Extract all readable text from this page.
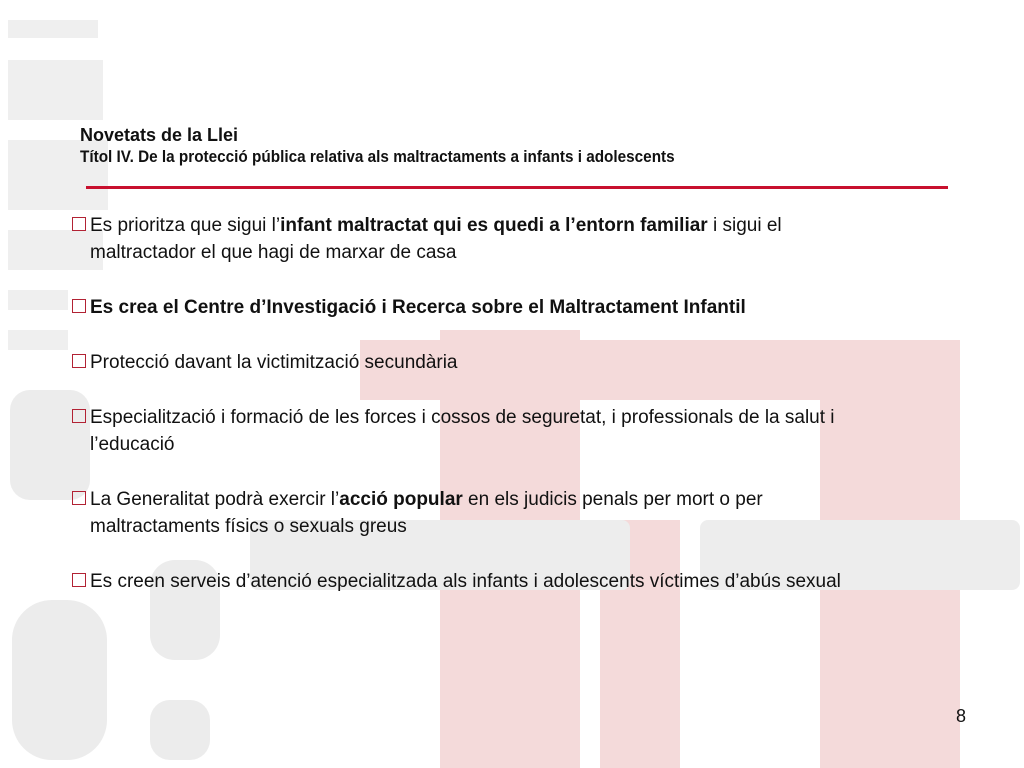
Novetats de la Llei
Títol IV. De la protecció pública relativa als maltractaments a infants i adolescents
Es prioritza que sigui l’infant maltractat qui es quedi a l’entorn familiar i sigui el maltractador el que hagi de marxar de casa
Es crea el Centre d’Investigació i Recerca sobre el Maltractament Infantil
Protecció davant la victimització secundària
Especialització i formació de les forces i cossos de seguretat, i professionals de la salut i l’educació
La Generalitat podrà exercir l’acció popular en els judicis penals per mort o per maltractaments físics o sexuals greus
Es creen serveis d’atenció especialitzada als infants i adolescents víctimes d’abús sexual
8
